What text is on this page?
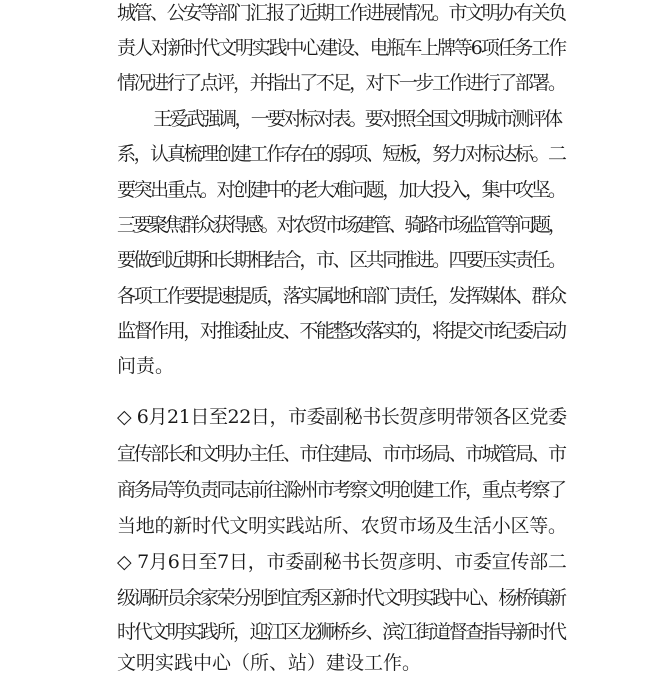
城管、公安等部门汇报了近期工作进展情况。市文明办有关负
责人对新时代文明实践中心建设、电瓶车上牌等6项任务工作
情况进行了点评，并指出了不足，对下一步工作进行了部署。
王爱武强调，一要对标对表。要对照全国文明城市测评体
系，认真梳理创建工作存在的弱项、短板，努力对标达标。二
要突出重点。对创建中的老大难问题，加大投入，集中攻坚。
三要聚焦群众获得感。对农贸市场建管、骑路市场监管等问题，
要做到近期和长期相结合，市、区共同推进。四要压实责任。
各项工作要提速提质，落实属地和部门责任，发挥媒体、群众
监督作用，对推诿扯皮、不能整改落实的，将提交市纪委启动
问责。
◇ 6月21日至22日，市委副秘书长贺彦明带领各区党委
宣传部长和文明办主任、市住建局、市市场局、市城管局、市
商务局等负责同志前往滁州市考察文明创建工作，重点考察了
当地的新时代文明实践站所、农贸市场及生活小区等。
◇ 7月6日至7日，市委副秘书长贺彦明、市委宣传部二
级调研员余家荣分别到宜秀区新时代文明实践中心、杨桥镇新
时代文明实践所，迎江区龙狮桥乡、滨江街道督查指导新时代
文明实践中心（所、站）建设工作。
